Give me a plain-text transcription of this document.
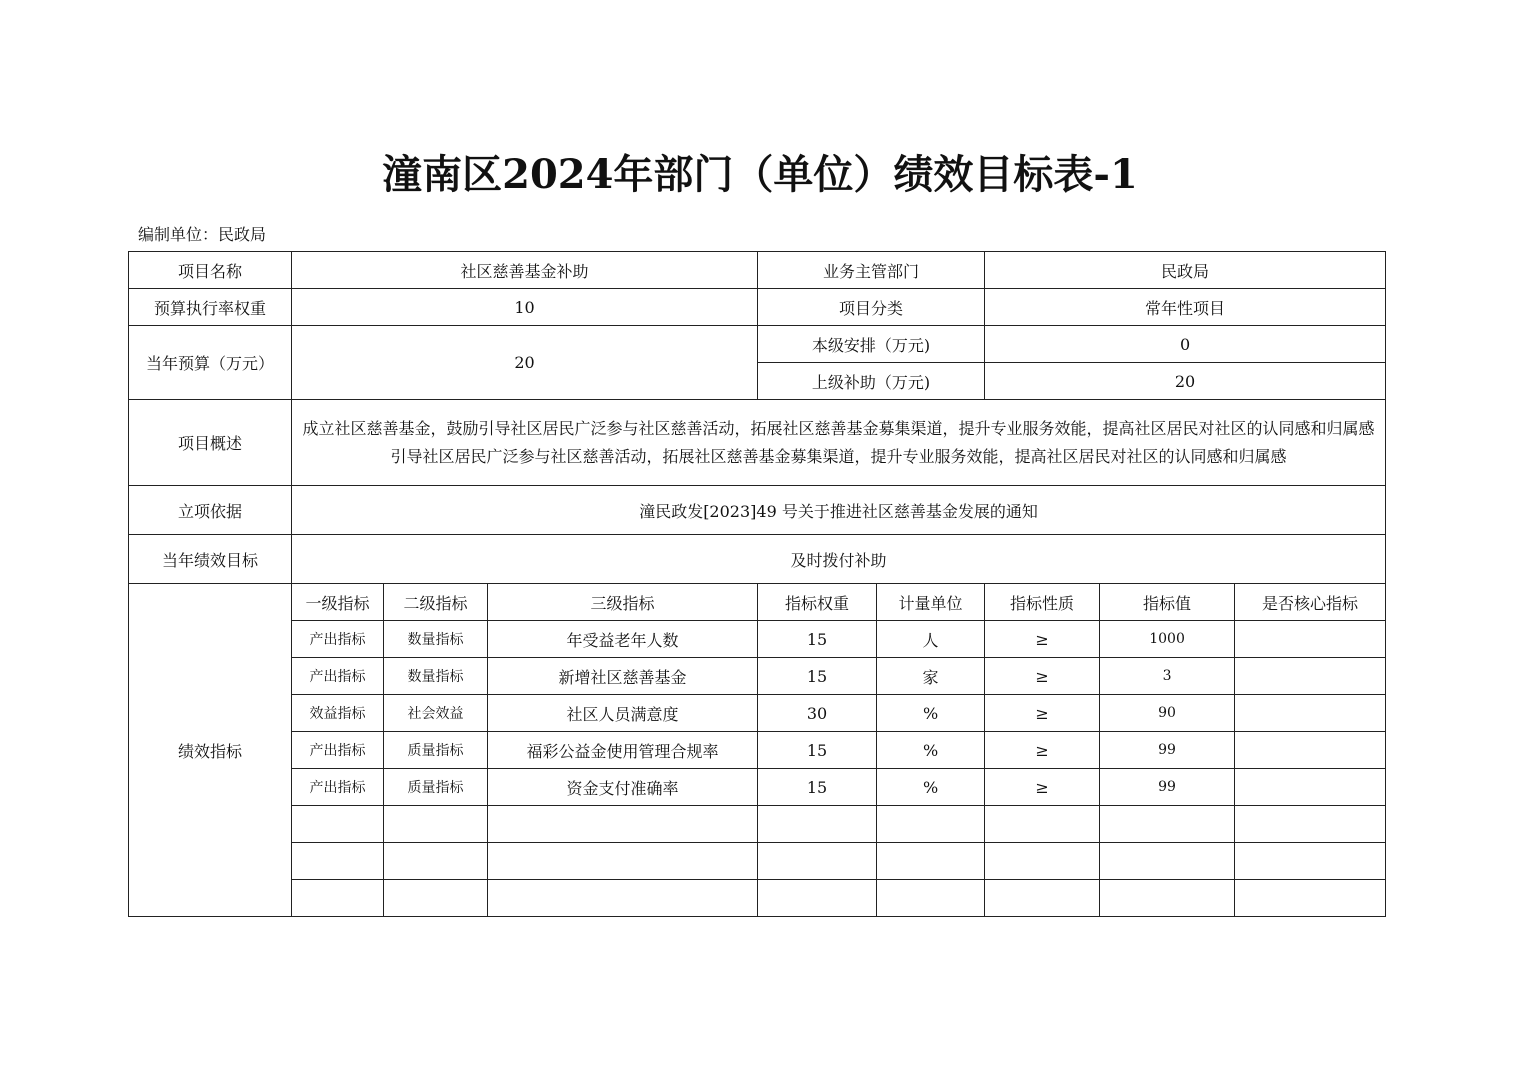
潼南区2024年部门（单位）绩效目标表-1
编制单位：民政局
项目名称	社区慈善基金补助			业务主管部门		民政局		
预算执行率权重	10			项目分类		常年性项目		
当年预算（万元）	20			本级安排（万元)		0		
				上级补助（万元)		20		
项目概述	成立社区慈善基金，鼓励引导社区居民广泛参与社区慈善活动，拓展社区慈善基金募集渠道，提升专业服务效能，提高社区居民对社区的认同感和归属感引导社区居民广泛参与社区慈善活动，拓展社区慈善基金募集渠道，提升专业服务效能，提高社区居民对社区的认同感和归属感							
立项依据	潼民政发[2023]49 号关于推进社区慈善基金发展的通知							
当年绩效目标	及时拨付补助							
绩效指标	一级指标	二级指标	三级指标	指标权重	计量单位	指标性质	指标值	是否核心指标
	产出指标	数量指标	年受益老年人数	15	人	≥	1000	
	产出指标	数量指标	新增社区慈善基金	15	家	≥	3	
	效益指标	社会效益	社区人员满意度	30	%	≥	90	
	产出指标	质量指标	福彩公益金使用管理合规率	15	%	≥	99	
	产出指标	质量指标	资金支付准确率	15	%	≥	99	
